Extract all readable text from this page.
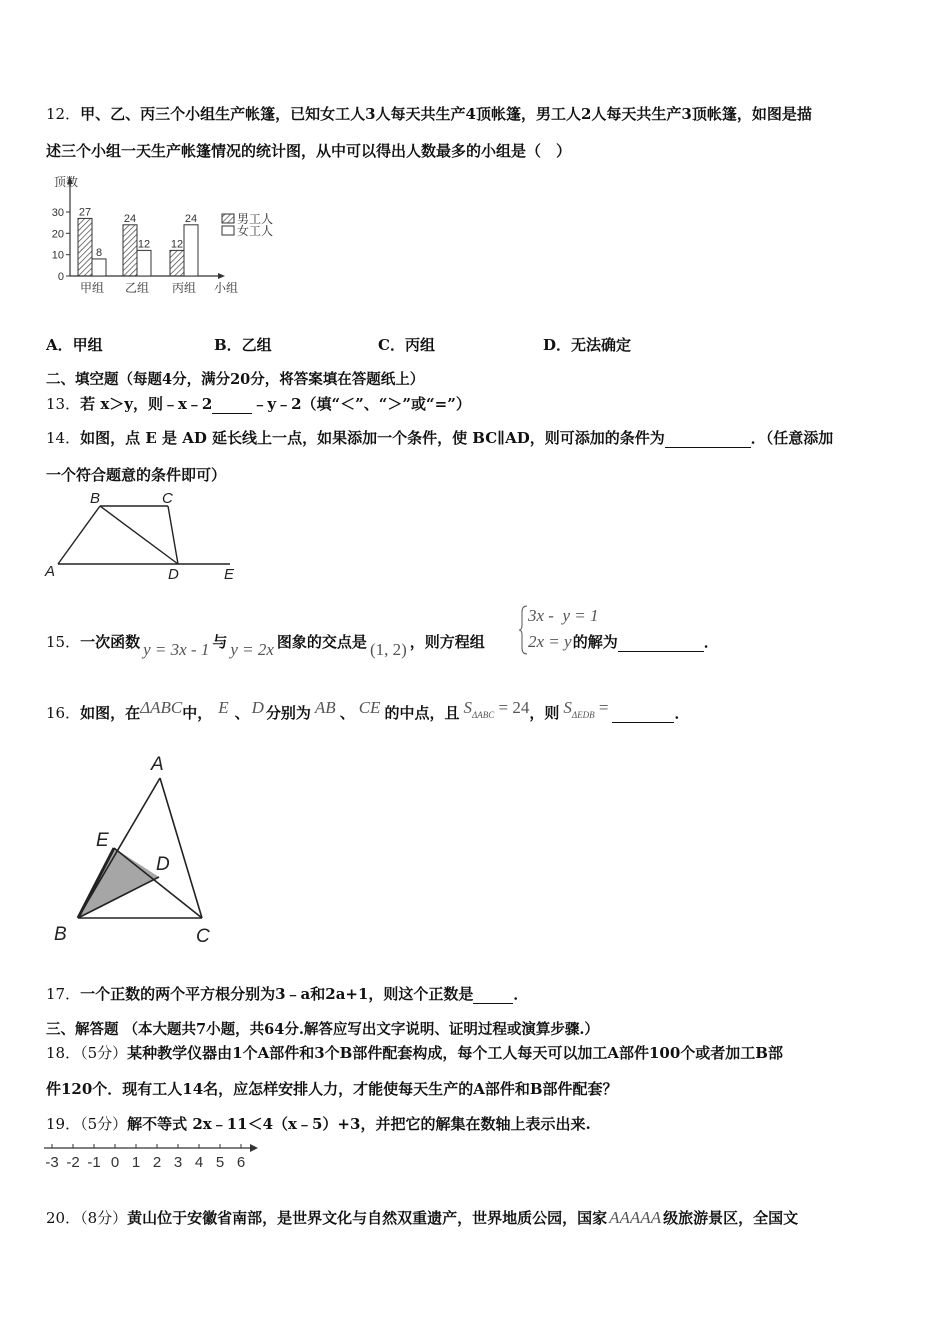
12．甲、乙、丙三个小组生产帐篷，已知女工人3人每天共生产4顶帐篷，男工人2人每天共生产3顶帐篷，如图是描
述三个小组一天生产帐篷情况的统计图，从中可以得出人数最多的小组是（　）
顶数
小组
0
10
20
30 27
8
甲组
24
12
乙组
12
24
丙组
男工人
女工人
A．甲组	B．乙组	C．丙组	D．无法确定
二、填空题（每题4分，满分20分，将答案填在答题纸上）
13．若 x＞y，则﹣x﹣2	﹣y﹣2（填“＜”、“＞”或“=”）
14．如图，点 E 是 AD 延长线上一点，如果添加一个条件，使 BC∥AD，则可添加的条件为	．（任意添加
一个符合题意的条件即可）
B	C
A	D	E
15．一次函数 y = 3x - 1 与 y = 2x 图象的交点是 (1, 2) ，则方程组	的解为	．
3x -  y = 1
2x = y
16．如图，在ΔABC中， E 、 D 分别为 AB 、 CE 的中点，且 SΔABC = 24，则 SΔEDB =	．
A
E
D
B	C
17．一个正数的两个平方根分别为3﹣a和2a+1，则这个正数是	．
三、解答题 （本大题共7小题，共64分.解答应写出文字说明、证明过程或演算步骤.）
18．（5分）某种教学仪器由1个A部件和3个B部件配套构成，每个工人每天可以加工A部件100个或者加工B部
件120个．现有工人14名，应怎样安排人力，才能使每天生产的A部件和B部件配套？
19．（5分）解不等式 2x﹣11＜4（x﹣5）+3，并把它的解集在数轴上表示出来.
-3 -2 -1 0 1 2 3 4 5 6
20．（8分）黄山位于安徽省南部，是世界文化与自然双重遗产，世界地质公园，国家 AAAAA 级旅游景区，全国文
